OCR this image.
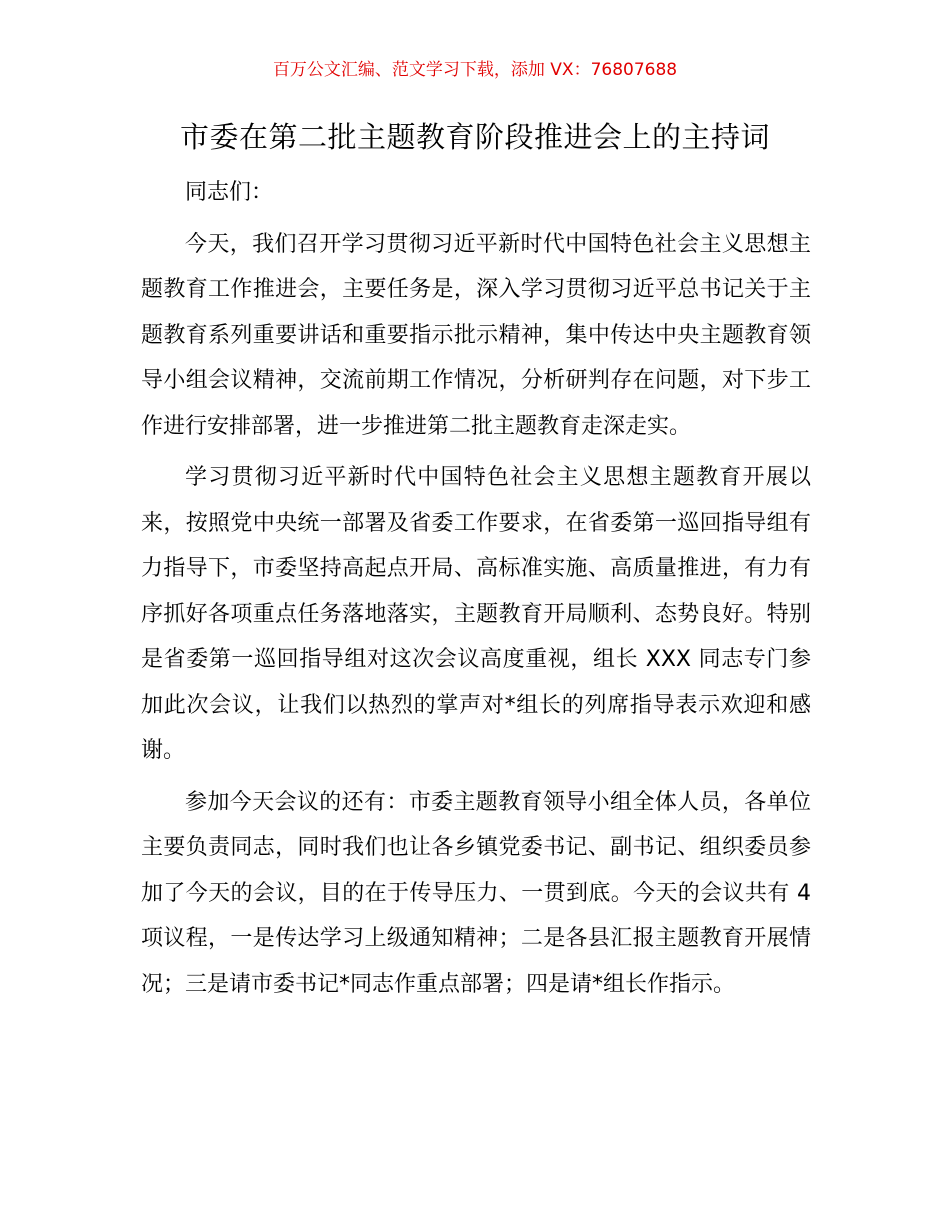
百万公文汇编、范文学习下载，添加 VX：76807688
市委在第二批主题教育阶段推进会上的主持词

同志们：

今天，我们召开学习贯彻习近平新时代中国特色社会主义思想主题教育工作推进会，主要任务是，深入学习贯彻习近平总书记关于主题教育系列重要讲话和重要指示批示精神，集中传达中央主题教育领导小组会议精神，交流前期工作情况，分析研判存在问题，对下步工作进行安排部署，进一步推进第二批主题教育走深走实。

学习贯彻习近平新时代中国特色社会主义思想主题教育开展以来，按照党中央统一部署及省委工作要求，在省委第一巡回指导组有力指导下，市委坚持高起点开局、高标准实施、高质量推进，有力有序抓好各项重点任务落地落实，主题教育开局顺利、态势良好。特别是省委第一巡回指导组对这次会议高度重视，组长 XXX 同志专门参加此次会议，让我们以热烈的掌声对*组长的列席指导表示欢迎和感谢。

参加今天会议的还有：市委主题教育领导小组全体人员，各单位主要负责同志，同时我们也让各乡镇党委书记、副书记、组织委员参加了今天的会议，目的在于传导压力、一贯到底。今天的会议共有 4 项议程，一是传达学习上级通知精神；二是各县汇报主题教育开展情况；三是请市委书记*同志作重点部署；四是请*组长作指示。
